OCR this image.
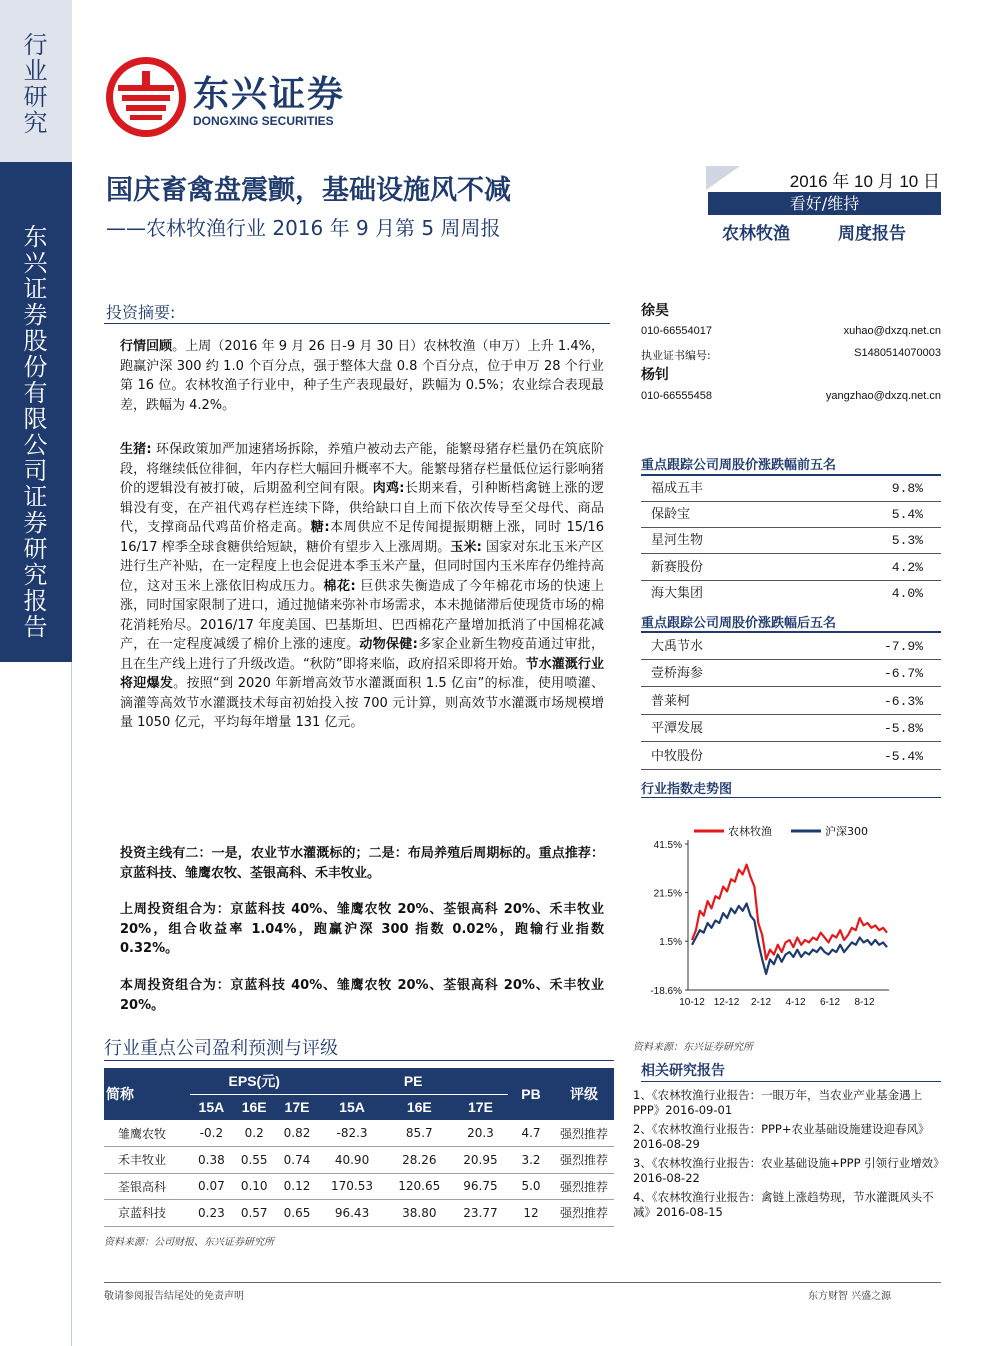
行业研究
东兴证券股份有限公司证券研究报告
东兴证券
DONGXING SECURITIES
国庆畜禽盘震颤，基础设施风不减
——农林牧渔行业 2016 年 9 月第 5 周周报
2016 年 10 月 10 日
看好/维持
农林牧渔	周度报告
投资摘要:
行情回顾。上周（2016 年 9 月 26 日-9 月 30 日）农林牧渔（申万）上升 1.4%，跑赢沪深 300 约 1.0 个百分点，强于整体大盘 0.8 个百分点，位于申万 28 个行业第 16 位。农林牧渔子行业中，种子生产表现最好，跌幅为 0.5%；农业综合表现最差，跌幅为 4.2%。
生猪: 环保政策加严加速猪场拆除，养殖户被动去产能，能繁母猪存栏量仍在筑底阶段，将继续低位徘徊，年内存栏大幅回升概率不大。能繁母猪存栏量低位运行影响猪价的逻辑没有被打破，后期盈利空间有限。肉鸡:长期来看，引种断档禽链上涨的逻辑没有变，在产祖代鸡存栏连续下降，供给缺口自上而下依次传导至父母代、商品代，支撑商品代鸡苗价格走高。糖:本周供应不足传闻提振期糖上涨，同时 15/16 16/17 榨季全球食糖供给短缺，糖价有望步入上涨周期。玉米: 国家对东北玉米产区进行生产补贴，在一定程度上也会促进本季玉米产量，但同时国内玉米库存仍维持高位，这对玉米上涨依旧构成压力。棉花: 巨供求失衡造成了今年棉花市场的快速上涨，同时国家限制了进口，通过抛储来弥补市场需求，本未抛储滞后使现货市场的棉花消耗殆尽。2016/17 年度美国、巴基斯坦、巴西棉花产量增加抵消了中国棉花减产，在一定程度减缓了棉价上涨的速度。动物保健:多家企业新生物疫苗通过审批，且在生产线上进行了升级改造。“秋防”即将来临，政府招采即将开始。节水灌溉行业将迎爆发。按照“到 2020 年新增高效节水灌溉面积 1.5 亿亩”的标准，使用喷灌、滴灌等高效节水灌溉技术每亩初始投入按 700 元计算，则高效节水灌溉市场规模增量 1050 亿元，平均每年增量 131 亿元。
投资主线有二：一是，农业节水灌溉标的；二是：布局养殖后周期标的。重点推荐：京蓝科技、雏鹰农牧、荃银高科、禾丰牧业。
上周投资组合为：京蓝科技 40%、雏鹰农牧 20%、荃银高科 20%、禾丰牧业 20%，组合收益率 1.04%，跑赢沪深 300 指数 0.02%，跑输行业指数 0.32%。
本周投资组合为：京蓝科技 40%、雏鹰农牧 20%、荃银高科 20%、禾丰牧业 20%。
徐昊
010-66554017	xuhao@dxzq.net.cn
执业证书编号:	S1480514070003
杨钊
010-66555458	yangzhao@dxzq.net.cn
重点跟踪公司周股价涨跌幅前五名
福成五丰	9.8%
保龄宝	5.4%
星河生物	5.3%
新赛股份	4.2%
海大集团	4.0%
重点跟踪公司周股价涨跌幅后五名
大禹节水	-7.9%
壹桥海参	-6.7%
普莱柯	-6.3%
平潭发展	-5.8%
中牧股份	-5.4%
行业指数走势图
41.5%
21.5%
1.5%
-18.6%
10-12 12-12 2-12 4-12 6-12 8-12
农林牧渔	沪深300
资料来源：东兴证券研究所
相关研究报告
1、《农林牧渔行业报告：一眼万年，当农业产业基金遇上 PPP》2016-09-01
2、《农林牧渔行业报告：PPP+农业基础设施建设迎春风》2016-08-29
3、《农林牧渔行业报告：农业基础设施+PPP 引领行业增效》2016-08-22
4、《农林牧渔行业报告：禽链上涨趋势现，节水灌溉风头不减》2016-08-15
行业重点公司盈利预测与评级
简称	EPS(元)			PE			PB	评级
	15A	16E	17E	15A	16E	17E		
雏鹰农牧	-0.2	0.2	0.82	-82.3	85.7	20.3	4.7	强烈推荐
禾丰牧业	0.38	0.55	0.74	40.90	28.26	20.95	3.2	强烈推荐
荃银高科	0.07	0.10	0.12	170.53	120.65	96.75	5.0	强烈推荐
京蓝科技	0.23	0.57	0.65	96.43	38.80	23.77	12	强烈推荐
资料来源：公司财报、东兴证券研究所
敬请参阅报告结尾处的免责声明	东方财智 兴盛之源
